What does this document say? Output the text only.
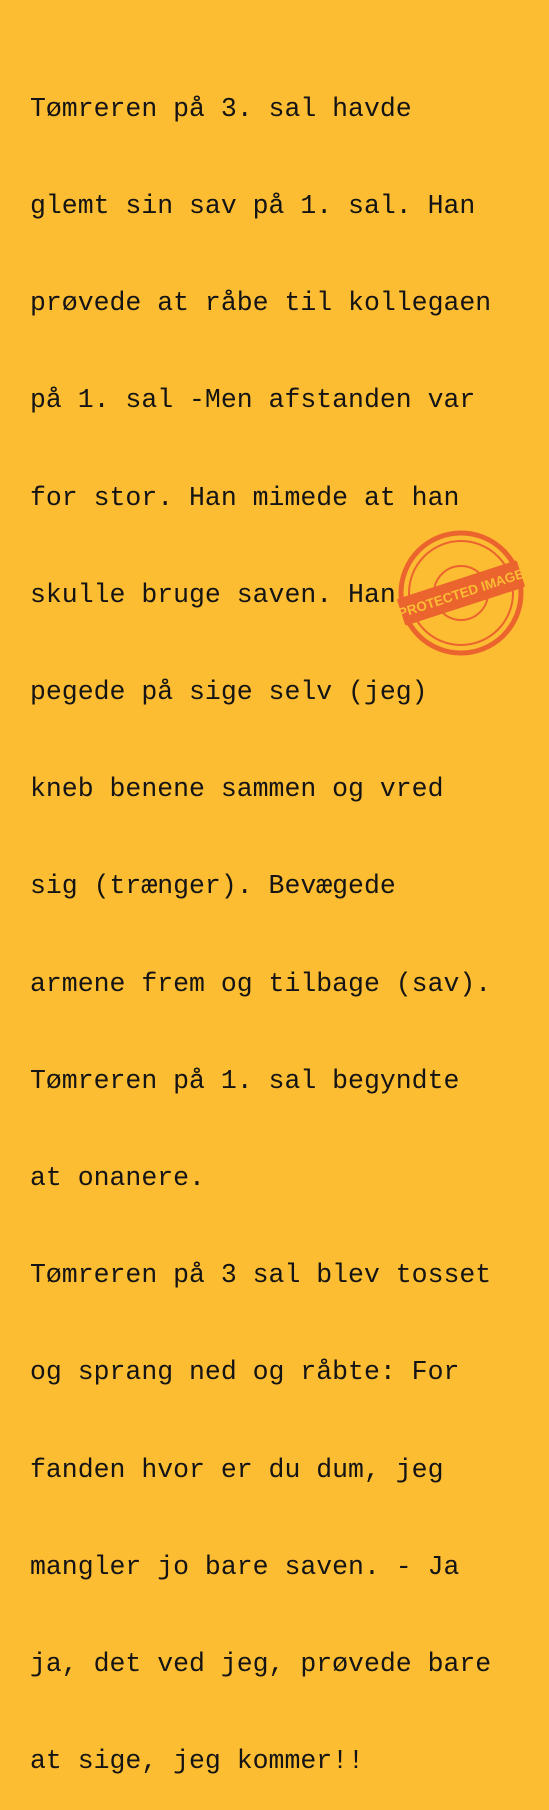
Tømreren på 3. sal havde

glemt sin sav på 1. sal. Han

prøvede at råbe til kollegaen

på 1. sal -Men afstanden var

for stor. Han mimede at han

skulle bruge saven. Han

pegede på sige selv (jeg)

kneb benene sammen og vred

sig (trænger). Bevægede

armene frem og tilbage (sav).

Tømreren på 1. sal begyndte

at onanere.

Tømreren på 3 sal blev tosset

og sprang ned og råbte: For

fanden hvor er du dum, jeg

mangler jo bare saven. - Ja

ja, det ved jeg, prøvede bare

at sige, jeg kommer!!

PROTECTED IMAGE
